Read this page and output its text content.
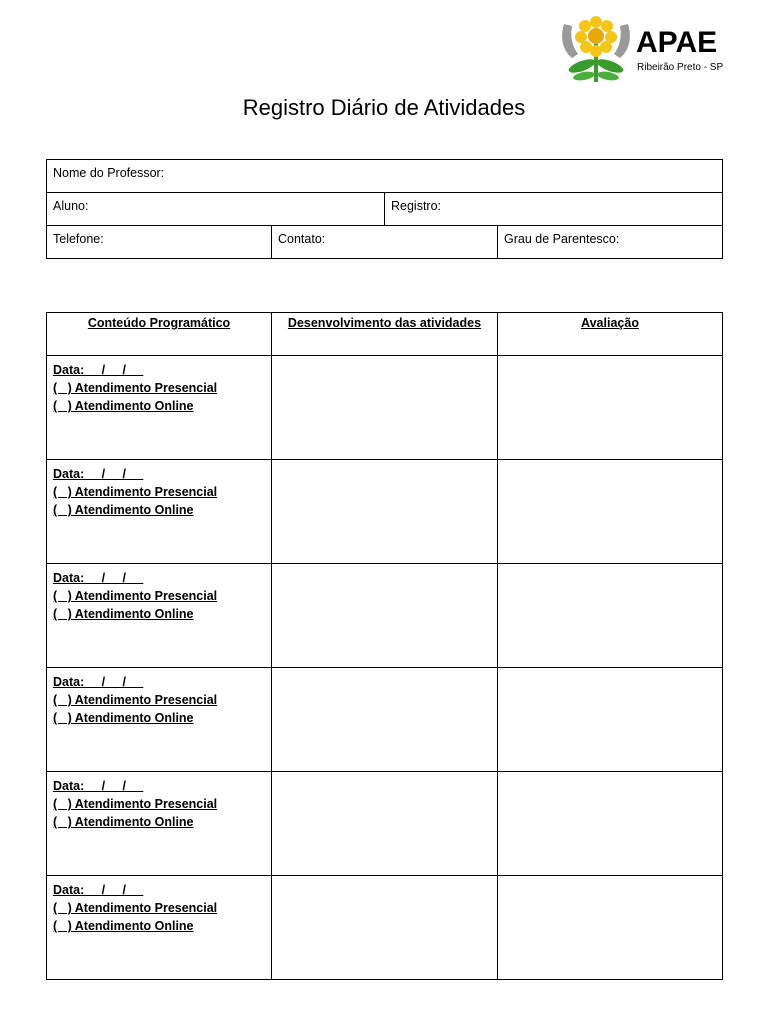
APAE
Ribeirão Preto - SP
Registro Diário de Atividades
Nome do Professor:			
Aluno:		Registro:	
Telefone:	Contato:		Grau de Parentesco:
Conteúdo Programático	Desenvolvimento das atividades	Avaliação

Data:     /     /
(   ) Atendimento Presencial
(   ) Atendimento Online		

Data:     /     /
(   ) Atendimento Presencial
(   ) Atendimento Online		

Data:     /     /
(   ) Atendimento Presencial
(   ) Atendimento Online		

Data:     /     /
(   ) Atendimento Presencial
(   ) Atendimento Online		

Data:     /     /
(   ) Atendimento Presencial
(   ) Atendimento Online		

Data:     /     /
(   ) Atendimento Presencial
(   ) Atendimento Online		
